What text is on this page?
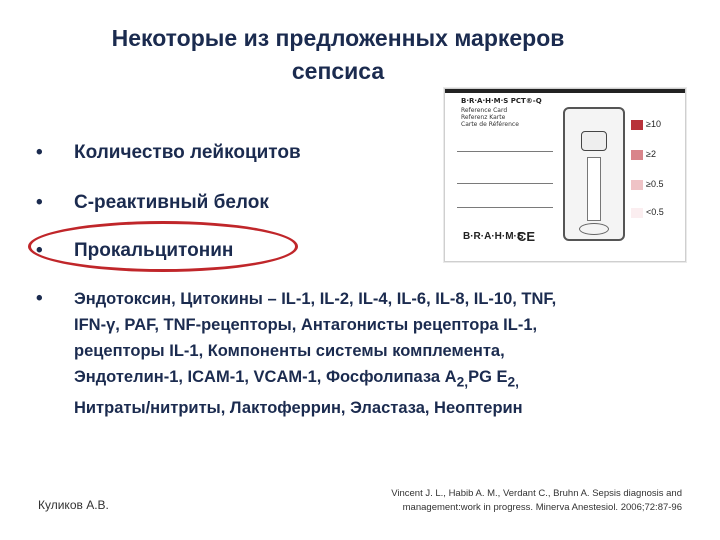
Некоторые из предложенных маркеров
сепсиса
B·R·A·H·M·S PCT®-Q
Reference Card
Referenz Karte
Carte de Référence	≥10
≥2
≥0.5
<0.5
B·R·A·H·M·S
CE
• Количество лейкоцитов
• С-реактивный белок
• Прокальцитонин
• Эндотоксин, Цитокины – IL-1, IL-2, IL-4, IL-6, IL-8, IL-10, TNF,
IFN-γ, PAF, TNF-рецепторы, Антагонисты рецептора IL-1,
рецепторы IL-1, Компоненты системы комплемента,
Эндотелин-1, ICAM-1, VCAM-1, Фосфолипаза $А_{2,}PG$ $E_{2,}$
Нитраты/нитриты, Лактоферрин, Эластаза, Неоптерин
Куликов А.В.
Vincent J. L., Habib A. M., Verdant C., Bruhn A. Sepsis diagnosis and
management:work in progress. Minerva Anestesiol. 2006;72:87-96
